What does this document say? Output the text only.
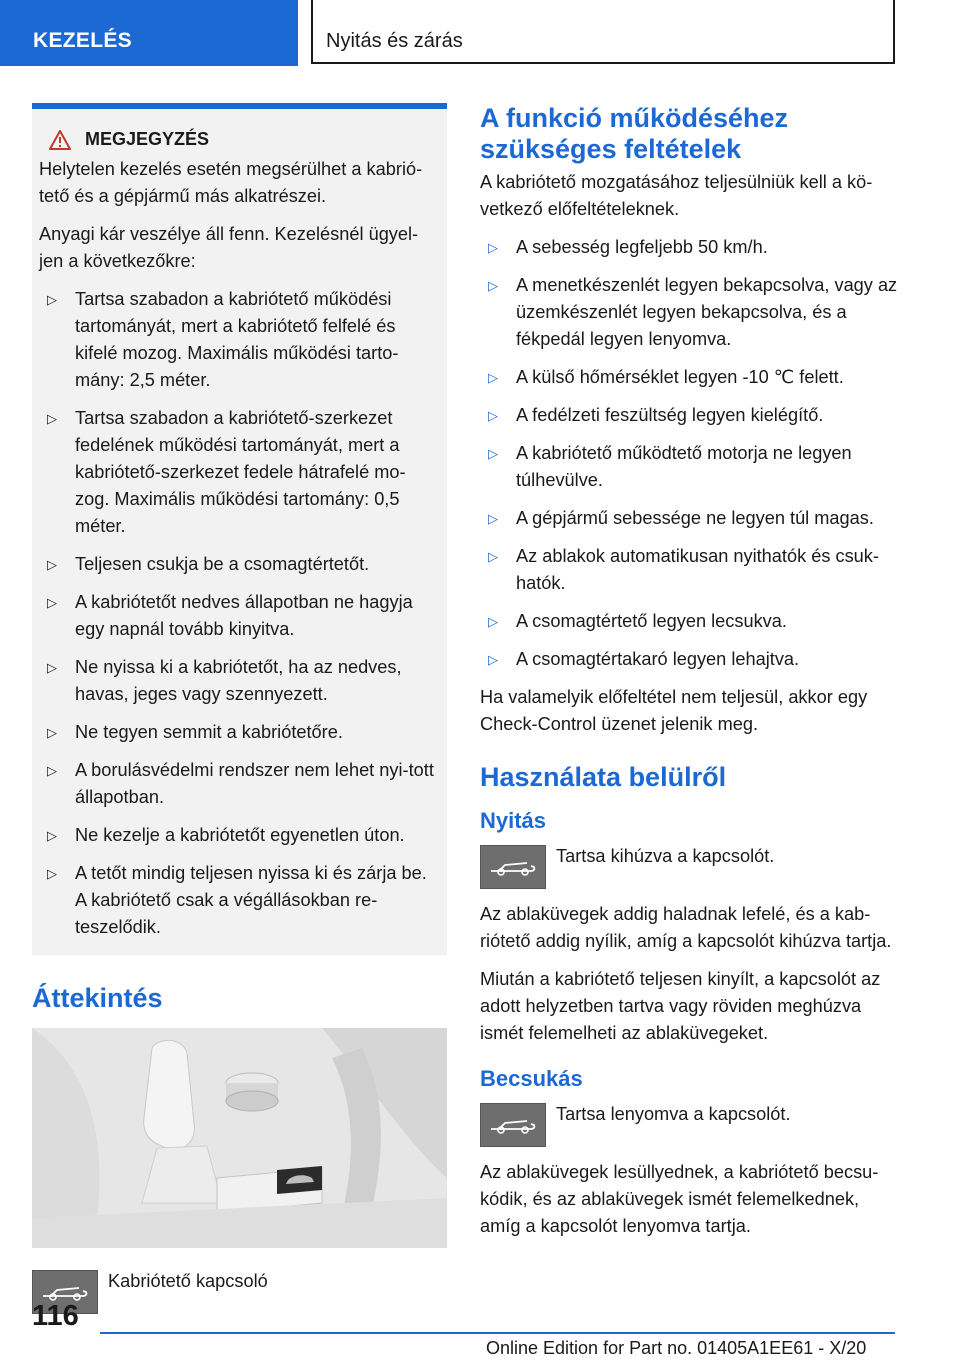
KEZELÉS	Nyitás és zárás
MEGJEGYZÉS

Helytelen kezelés esetén megsérülhet a kabrió-tető és a gépjármű más alkatrészei.

Anyagi kár veszélye áll fenn. Kezelésnél ügyel-jen a következőkre:

▷ Tartsa szabadon a kabriótető működési tartományát, mert a kabriótető felfelé és kifelé mozog. Maximális működési tarto-mány: 2,5 méter.
▷ Tartsa szabadon a kabriótető-szerkezet fedelének működési tartományát, mert a kabriótető-szerkezet fedele hátrafelé mo-zog. Maximális működési tartomány: 0,5 méter.
▷ Teljesen csukja be a csomagtértetőt.
▷ A kabriótetőt nedves állapotban ne hagyja egy napnál tovább kinyitva.
▷ Ne nyissa ki a kabriótetőt, ha az nedves, havas, jeges vagy szennyezett.
▷ Ne tegyen semmit a kabriótetőre.
▷ A borulásvédelmi rendszer nem lehet nyi-tott állapotban.
▷ Ne kezelje a kabriótetőt egyenetlen úton.
▷ A tetőt mindig teljesen nyissa ki és zárja be. A kabriótető csak a végállásokban re-teszelődik.
Áttekintés
Kabriótető kapcsoló
A funkció működéséhez szükséges feltételek

A kabriótető mozgatásához teljesülniük kell a kö-vetkező előfeltételeknek.

▷ A sebesség legfeljebb 50 km/h.
▷ A menetkészenlét legyen bekapcsolva, vagy az üzemkészenlét legyen bekapcsolva, és a fékpedál legyen lenyomva.
▷ A külső hőmérséklet legyen -10 ℃ felett.
▷ A fedélzeti feszültség legyen kielégítő.
▷ A kabriótető működtető motorja ne legyen túlhevülve.
▷ A gépjármű sebessége ne legyen túl magas.
▷ Az ablakok automatikusan nyithatók és csuk-hatók.
▷ A csomagtértető legyen lecsukva.
▷ A csomagtértakaró legyen lehajtva.

Ha valamelyik előfeltétel nem teljesül, akkor egy Check-Control üzenet jelenik meg.

Használata belülről
Nyitás
Tartsa kihúzva a kapcsolót.

Az ablaküvegek addig haladnak lefelé, és a kab-riótető addig nyílik, amíg a kapcsolót kihúzva tartja.

Miután a kabriótető teljesen kinyílt, a kapcsolót az adott helyzetben tartva vagy röviden meghúzva ismét felemelheti az ablaküvegeket.

Becsukás
Tartsa lenyomva a kapcsolót.

Az ablaküvegek lesüllyednek, a kabriótető becsu-kódik, és az ablaküvegek ismét felemelkednek, amíg a kapcsolót lenyomva tartja.

116
Online Edition for Part no. 01405A1EE61 - X/20
